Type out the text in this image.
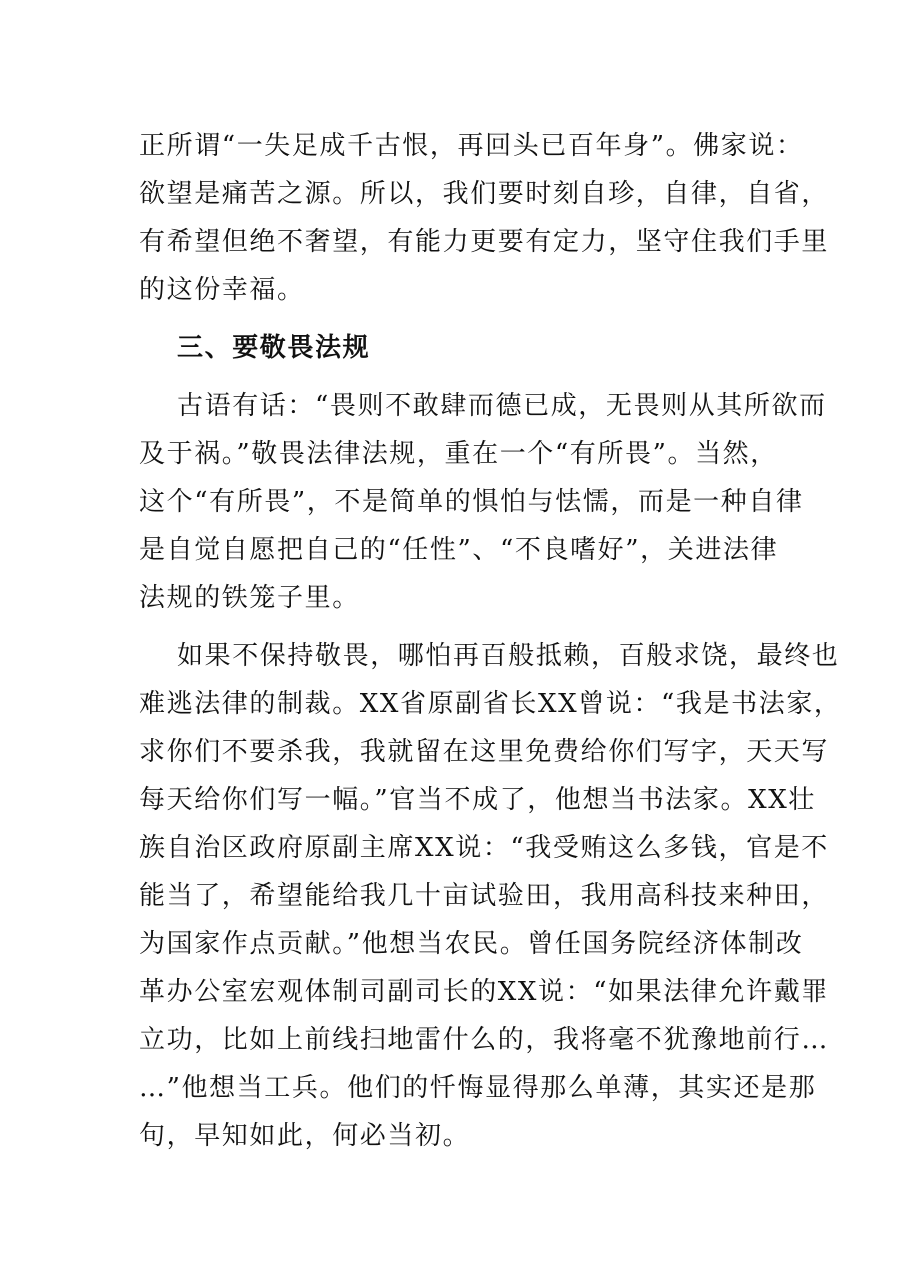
正所谓“一失足成千古恨，再回头已百年身”。佛家说：
欲望是痛苦之源。所以，我们要时刻自珍，自律，自省，
有希望但绝不奢望，有能力更要有定力，坚守住我们手里
的这份幸福。
三、要敬畏法规
古语有话：“畏则不敢肆而德已成，无畏则从其所欲而
及于祸。”敬畏法律法规，重在一个“有所畏”。当然，
这个“有所畏”，不是简单的惧怕与怯懦，而是一种自律
是自觉自愿把自己的“任性”、“不良嗜好”，关进法律
法规的铁笼子里。
如果不保持敬畏，哪怕再百般抵赖，百般求饶，最终也
难逃法律的制裁。XX省原副省长XX曾说：“我是书法家，
求你们不要杀我，我就留在这里免费给你们写字，天天写
每天给你们写一幅。”官当不成了，他想当书法家。XX壮
族自治区政府原副主席XX说：“我受贿这么多钱，官是不
能当了，希望能给我几十亩试验田，我用高科技来种田，
为国家作点贡献。”他想当农民。曾任国务院经济体制改
革办公室宏观体制司副司长的XX说：“如果法律允许戴罪
立功，比如上前线扫地雷什么的，我将毫不犹豫地前行…
…”他想当工兵。他们的忏悔显得那么单薄，其实还是那
句，早知如此，何必当初。
